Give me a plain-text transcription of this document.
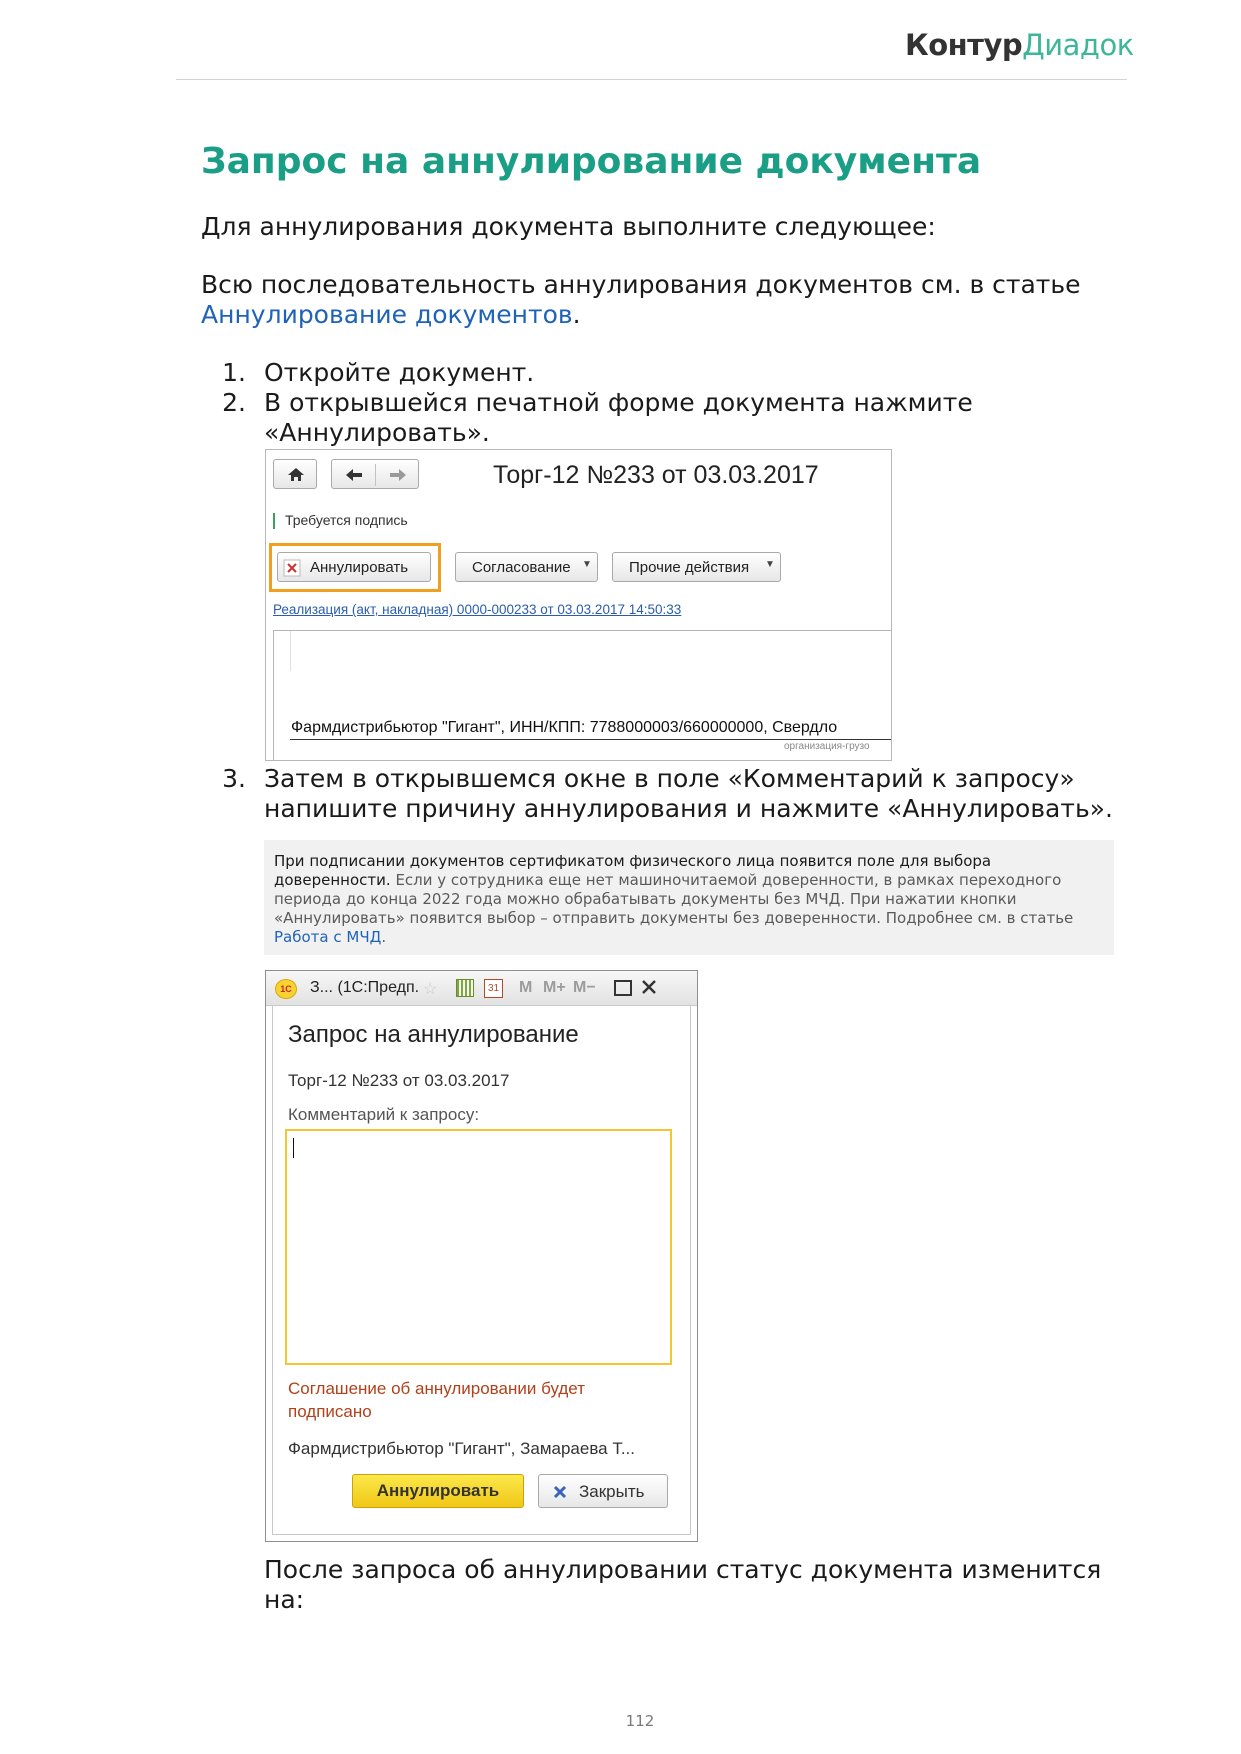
Контур Диадок
Запрос на аннулирование документа
Для аннулирования документа выполните следующее:
Всю последовательность аннулирования документов см. в статье
Аннулирование документов.
1. Откройте документ.
2. В открывшейся печатной форме документа нажмите
«Аннулировать».
Торг-12 №233 от 03.03.2017
Требуется подпись
Аннулировать	Согласование ▼ Прочие действия ▼
Реализация (акт, накладная) 0000-000233 от 03.03.2017 14:50:33
Фармдистрибьютор "Гигант", ИНН/КПП: 7788000003/660000000, Свердло
организация-грузо
3. Затем в открывшемся окне в поле «Комментарий к запросу»
напишите причину аннулирования и нажмите «Аннулировать».

При подписании документов сертификатом физического лица появится поле для выбора доверенности. Если у сотрудника еще нет машиночитаемой доверенности, в рамках переходного периода до конца 2022 года можно обрабатывать документы без МЧД. При нажатии кнопки «Аннулировать» появится выбор – отправить документы без доверенности. Подробнее см. в статье Работа с МЧД.

1С	З... (1С:Предп. ☆	31 M M+ M−
Запрос на аннулирование
Торг-12 №233 от 03.03.2017
Комментарий к запросу:
Соглашение об аннулировании будет
подписано
Фармдистрибьютор "Гигант", Замараева Т...
Аннулировать	Закрыть
После запроса об аннулировании статус документа изменится
на:
112
